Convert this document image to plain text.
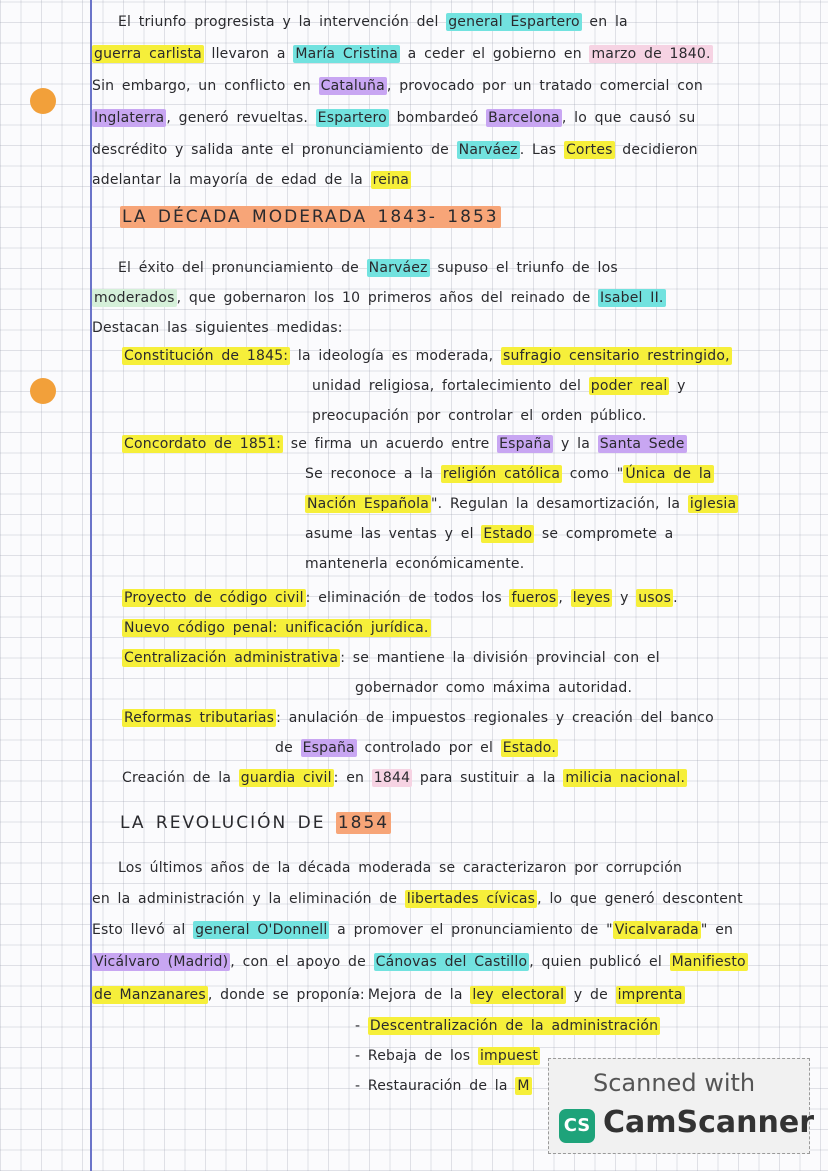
El triunfo progresista y la intervención del general Espartero en la
guerra carlista llevaron a María Cristina a ceder el gobierno en marzo de 1840.
Sin embargo, un conflicto en Cataluña , provocado por un tratado comercial con
Inglaterra , generó revueltas. Espartero bombardeó Barcelona , lo que causó su
descrédito y salida ante el pronunciamiento de Narváez . Las Cortes decidieron
adelantar la mayoría de edad de la reina
LA DÉCADA MODERADA 1843- 1853
El éxito del pronunciamiento de Narváez supuso el triunfo de los
moderados , que gobernaron los 10 primeros años del reinado de Isabel II.
Destacan las siguientes medidas:
Constitución de 1845: la ideología es moderada, sufragio censitario restringido,
unidad religiosa, fortalecimiento del poder real y
preocupación por controlar el orden público.
Concordato de 1851: se firma un acuerdo entre España y la Santa Sede
Se reconoce a la religión católica como " Única de la
Nación Española ". Regulan la desamortización, la iglesia
asume las ventas y el Estado se compromete a
mantenerla económicamente.
Proyecto de código civil : eliminación de todos los fueros , leyes y usos .
Nuevo código penal: unificación jurídica.
Centralización administrativa : se mantiene la división provincial con el
gobernador como máxima autoridad.
Reformas tributarias : anulación de impuestos regionales y creación del banco
de España controlado por el Estado.
Creación de la guardia civil : en 1844 para sustituir a la milicia nacional.
LA REVOLUCIÓN DE 1854
Los últimos años de la década moderada se caracterizaron por corrupción
en la administración y la eliminación de libertades cívicas , lo que generó descontent
Esto llevó al general O'Donnell a promover el pronunciamiento de " Vicalvarada " en
Vicálvaro (Madrid) , con el apoyo de Cánovas del Castillo , quien publicó el Manifiesto
de Manzanares , donde se proponía:
- Mejora de la ley electoral y de imprenta
- Descentralización de la administración
- Rebaja de los impuest
- Restauración de la M	Scanned with
CS CamScanner
